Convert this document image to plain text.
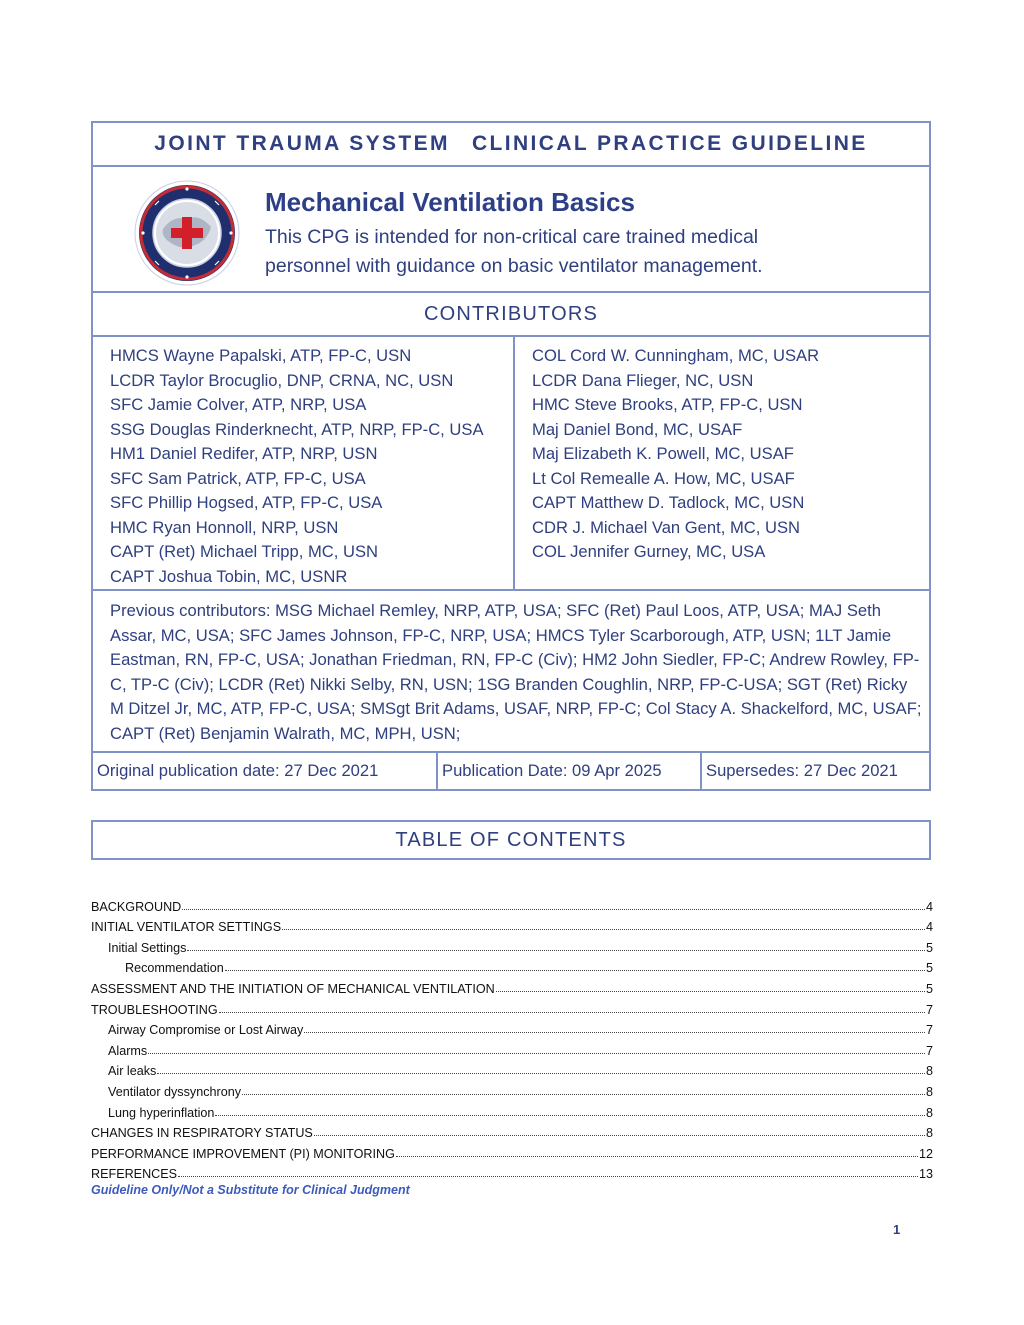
JOINT TRAUMA SYSTEM CLINICAL PRACTICE GUIDELINE
Mechanical Ventilation Basics
This CPG is intended for non-critical care trained medical personnel with guidance on basic ventilator management.
CONTRIBUTORS
HMCS Wayne Papalski, ATP, FP-C, USN
LCDR Taylor Brocuglio, DNP, CRNA, NC, USN
SFC Jamie Colver, ATP, NRP, USA
SSG Douglas Rinderknecht, ATP, NRP, FP-C, USA
HM1 Daniel Redifer, ATP, NRP, USN
SFC Sam Patrick, ATP, FP-C, USA
SFC Phillip Hogsed, ATP, FP-C, USA
HMC Ryan Honnoll, NRP, USN
CAPT (Ret) Michael Tripp, MC, USN
CAPT Joshua Tobin, MC, USNR
COL Cord W. Cunningham, MC, USAR
LCDR Dana Flieger, NC, USN
HMC Steve Brooks, ATP, FP-C, USN
Maj Daniel Bond, MC, USAF
Maj Elizabeth K. Powell, MC, USAF
Lt Col Remealle A. How, MC, USAF
CAPT Matthew D. Tadlock, MC, USN
CDR J. Michael Van Gent, MC, USN
COL Jennifer Gurney, MC, USA
Previous contributors: MSG Michael Remley, NRP, ATP, USA; SFC (Ret) Paul Loos, ATP, USA; MAJ Seth Assar, MC, USA; SFC James Johnson, FP-C, NRP, USA; HMCS Tyler Scarborough, ATP, USN; 1LT Jamie Eastman, RN, FP-C, USA; Jonathan Friedman, RN, FP-C (Civ); HM2 John Siedler, FP-C; Andrew Rowley, FP-C, TP-C (Civ); LCDR (Ret) Nikki Selby, RN, USN; 1SG Branden Coughlin, NRP, FP-C-USA; SGT (Ret) Ricky M Ditzel Jr, MC, ATP, FP-C, USA; SMSgt Brit Adams, USAF, NRP, FP-C; Col Stacy A. Shackelford, MC, USAF; CAPT (Ret) Benjamin Walrath, MC, MPH, USN;
Original publication date: 27 Dec 2021	Publication Date: 09 Apr 2025	Supersedes: 27 Dec 2021
TABLE OF CONTENTS
BACKGROUND	4
INITIAL VENTILATOR SETTINGS	4
Initial Settings	5
Recommendation	5
ASSESSMENT AND THE INITIATION OF MECHANICAL VENTILATION	5
TROUBLESHOOTING	7
Airway Compromise or Lost Airway	7
Alarms	7
Air leaks	8
Ventilator dyssynchrony	8
Lung hyperinflation	8
CHANGES IN RESPIRATORY STATUS	8
PERFORMANCE IMPROVEMENT (PI) MONITORING	12
REFERENCES	13
Guideline Only/Not a Substitute for Clinical Judgment
1
